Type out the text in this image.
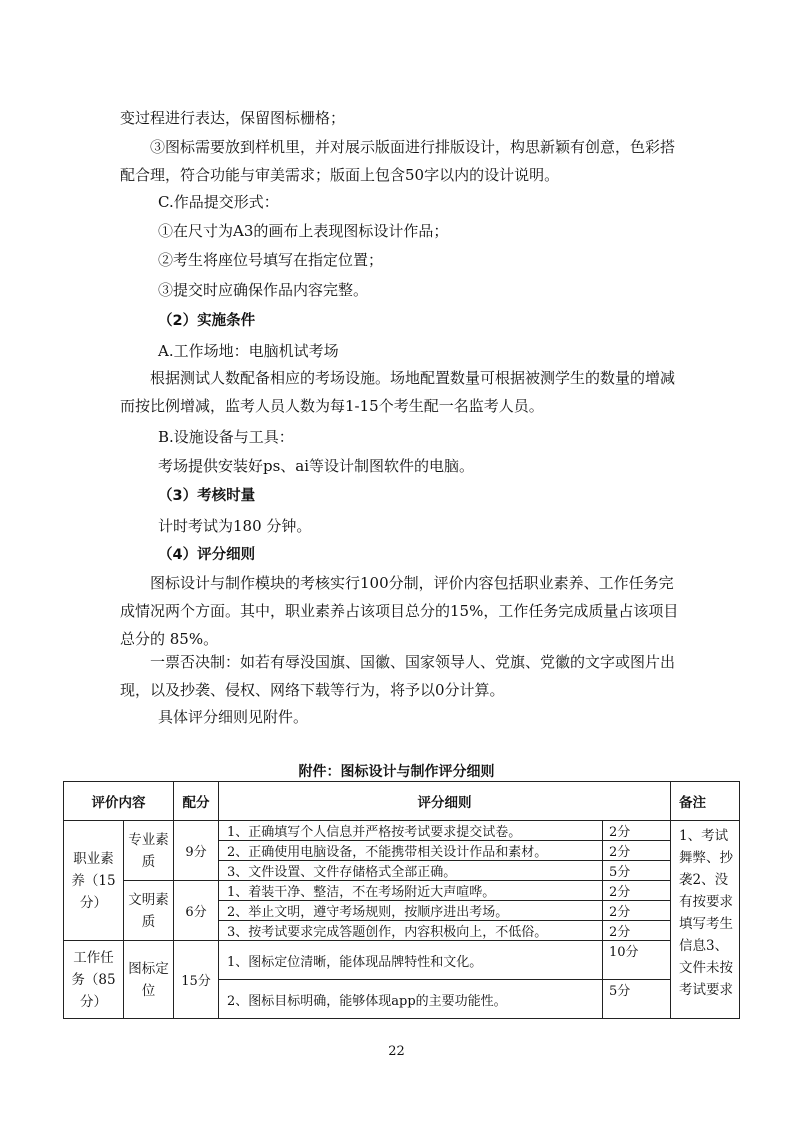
变过程进行表达，保留图标栅格；

③图标需要放到样机里，并对展示版面进行排版设计，构思新颖有创意，色彩搭配合理，符合功能与审美需求；版面上包含50字以内的设计说明。

C.作品提交形式：
①在尺寸为A3的画布上表现图标设计作品；
②考生将座位号填写在指定位置；
③提交时应确保作品内容完整。
（2）实施条件
A.工作场地：电脑机试考场

根据测试人数配备相应的考场设施。场地配置数量可根据被测学生的数量的增减而按比例增减，监考人员人数为每1-15个考生配一名监考人员。

B.设施设备与工具：
考场提供安装好ps、ai等设计制图软件的电脑。
（3）考核时量
计时考试为180 分钟。
（4）评分细则

图标设计与制作模块的考核实行100分制，评价内容包括职业素养、工作任务完成情况两个方面。其中，职业素养占该项目总分的15%，工作任务完成质量占该项目总分的 85%。

一票否决制：如若有辱没国旗、国徽、国家领导人、党旗、党徽的文字或图片出现，以及抄袭、侵权、网络下载等行为，将予以0分计算。

具体评分细则见附件。
附件：图标设计与制作评分细则
评价内容		配分	评分细则		备注
职业素养（15分）	专业素质	9分	1、正确填写个人信息并严格按考试要求提交试卷。	2分	1、考试舞弊、抄袭2、没有按要求填写考生信息3、文件未按考试要求
			2、正确使用电脑设备，不能携带相关设计作品和素材。	2分	
			3、文件设置、文件存储格式全部正确。	5分	
	文明素质	6分	1、着装干净、整洁，不在考场附近大声喧哗。	2分	
			2、举止文明，遵守考场规则，按顺序进出考场。	2分	
			3、按考试要求完成答题创作，内容积极向上，不低俗。	2分	
工作任务（85分）	图标定位	15分	1、图标定位清晰，能体现品牌特性和文化。	10分	
			2、图标目标明确，能够体现app的主要功能性。	5分	
22
